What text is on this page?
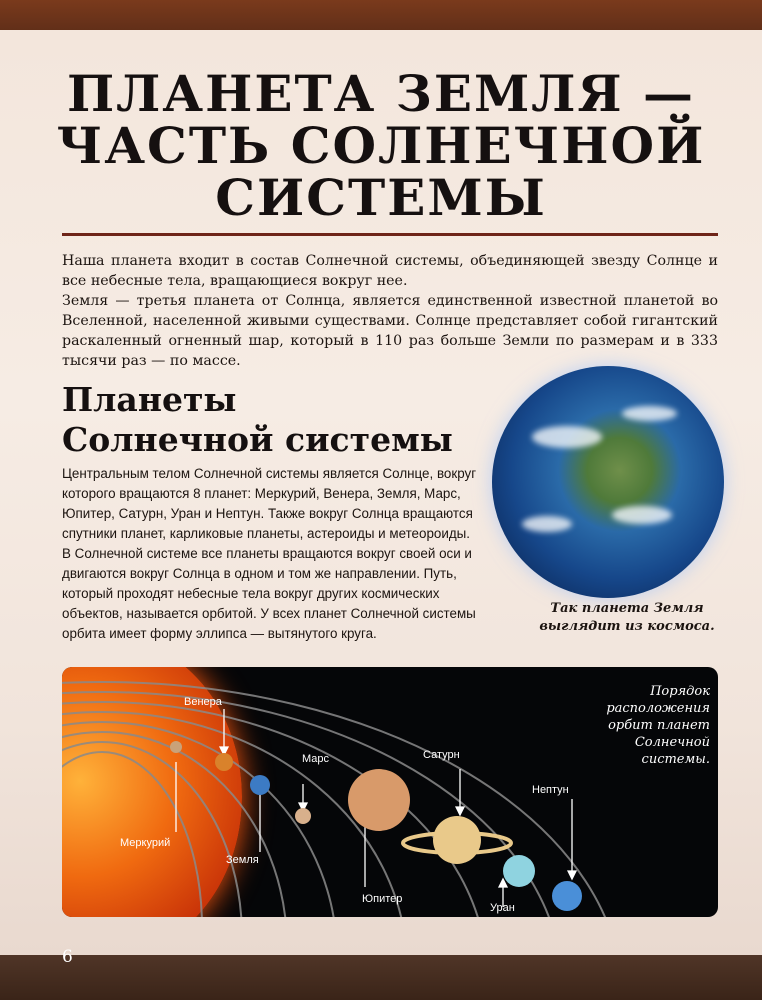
ПЛАНЕТА ЗЕМЛЯ —
ЧАСТЬ СОЛНЕЧНОЙ
СИСТЕМЫ

Наша планета входит в состав Солнечной системы, объединяющей звезду Солнце и все небесные тела, вращающиеся вокруг нее.

Земля — третья планета от Солнца, является единственной известной планетой во Вселенной, населенной живыми существами. Солнце представляет собой гигантский раскаленный огненный шар, который в 110 раз больше Земли по размерам и в 333 тысячи раз — по массе.

Планеты
Солнечной системы

Центральным телом Солнечной системы является Солнце, вокруг которого вращаются 8 планет: Меркурий, Венера, Земля, Марс, Юпитер, Сатурн, Уран и Нептун. Также вокруг Солнца вращаются спутники планет, карликовые планеты, астероиды и метеороиды.

В Солнечной системе все планеты вращаются вокруг своей оси и двигаются вокруг Солнца в одном и том же направлении. Путь, который проходят небесные тела вокруг других космических объектов, называется орбитой. У всех планет Солнечной системы орбита имеет форму эллипса — вытянутого круга.

Так планета Земля выглядит из космоса.
Меркурий
Венера
Земля
Марс
Юпитер
Сатурн
Уран
Нептун
Порядок
расположения
орбит планет
Солнечной
системы.
6
